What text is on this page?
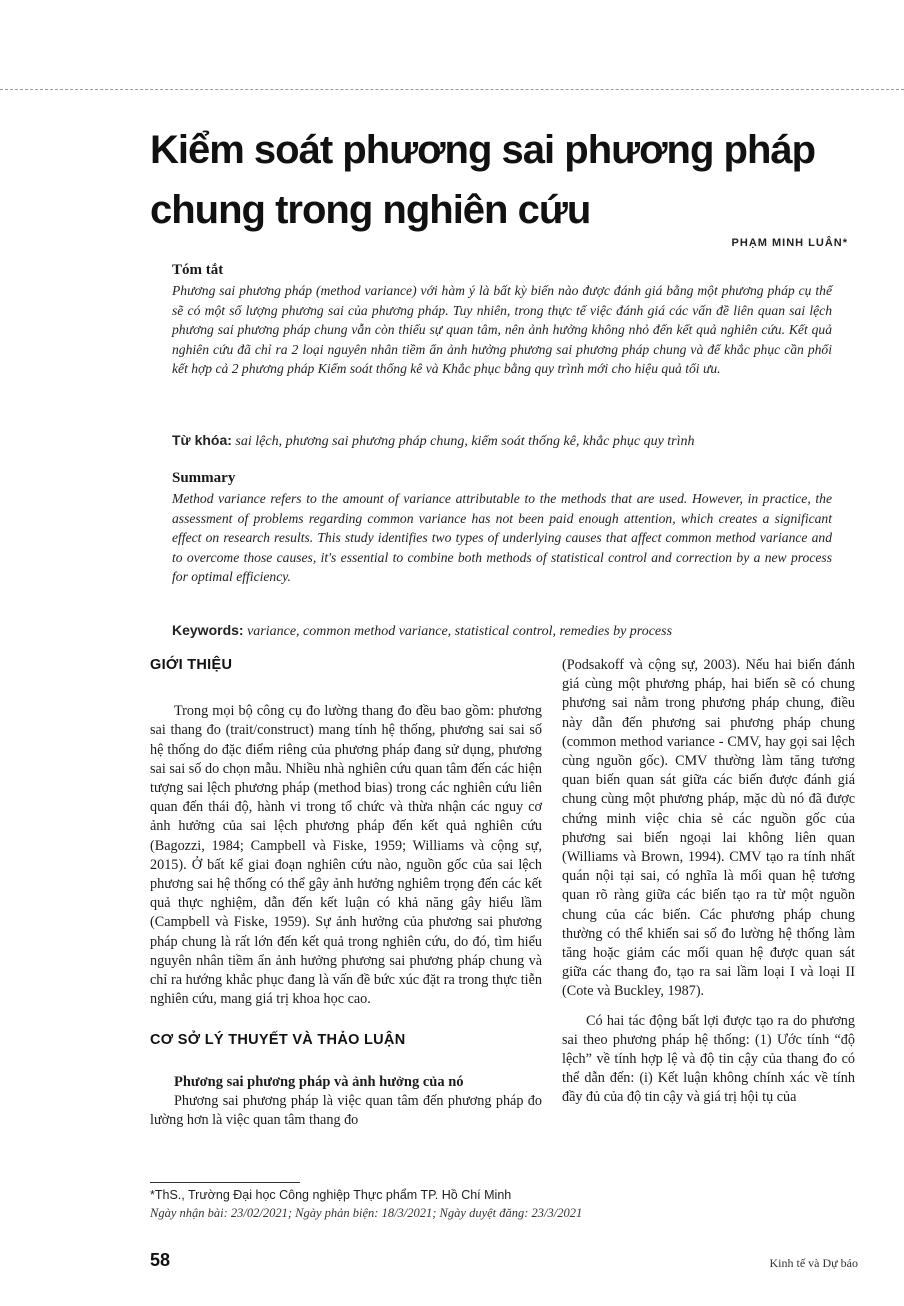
Kiểm soát phương sai phương pháp chung trong nghiên cứu
PHẠM MINH LUÂN*
Tóm tắt

Phương sai phương pháp (method variance) với hàm ý là bất kỳ biến nào được đánh giá bằng một phương pháp cụ thể sẽ có một số lượng phương sai của phương pháp. Tuy nhiên, trong thực tế việc đánh giá các vấn đề liên quan sai lệch phương sai phương pháp chung vẫn còn thiếu sự quan tâm, nên ảnh hưởng không nhỏ đến kết quả nghiên cứu. Kết quả nghiên cứu đã chỉ ra 2 loại nguyên nhân tiềm ẩn ảnh hưởng phương sai phương pháp chung và để khắc phục cần phối kết hợp cả 2 phương pháp Kiểm soát thống kê và Khắc phục bằng quy trình mới cho hiệu quả tối ưu.

Từ khóa: sai lệch, phương sai phương pháp chung, kiểm soát thống kê, khắc phục quy trình
Summary

Method variance refers to the amount of variance attributable to the methods that are used. However, in practice, the assessment of problems regarding common variance has not been paid enough attention, which creates a significant effect on research results. This study identifies two types of underlying causes that affect common method variance and to overcome those causes, it's essential to combine both methods of statistical control and correction by a new process for optimal efficiency.

Keywords: variance, common method variance, statistical control, remedies by process
GIỚI THIỆU

Trong mọi bộ công cụ đo lường thang đo đều bao gồm: phương sai thang đo (trait/construct) mang tính hệ thống, phương sai sai số hệ thống do đặc điểm riêng của phương pháp đang sử dụng, phương sai sai số do chọn mẫu. Nhiều nhà nghiên cứu quan tâm đến các hiện tượng sai lệch phương pháp (method bias) trong các nghiên cứu liên quan đến thái độ, hành vi trong tổ chức và thừa nhận các nguy cơ ảnh hưởng của sai lệch phương pháp đến kết quả nghiên cứu (Bagozzi, 1984; Campbell và Fiske, 1959; Williams và cộng sự, 2015). Ở bất kể giai đoạn nghiên cứu nào, nguồn gốc của sai lệch phương sai hệ thống có thể gây ảnh hưởng nghiêm trọng đến các kết quả thực nghiệm, dẫn đến kết luận có khả năng gây hiểu lầm (Campbell và Fiske, 1959). Sự ảnh hưởng của phương sai phương pháp chung là rất lớn đến kết quả trong nghiên cứu, do đó, tìm hiểu nguyên nhân tiềm ẩn ảnh hưởng phương sai phương pháp chung và chỉ ra hướng khắc phục đang là vấn đề bức xúc đặt ra trong thực tiễn nghiên cứu, mang giá trị khoa học cao.

CƠ SỞ LÝ THUYẾT VÀ THẢO LUẬN
Phương sai phương pháp và ảnh hưởng của nó

Phương sai phương pháp là việc quan tâm đến phương pháp đo lường hơn là việc quan tâm thang đo

(Podsakoff và cộng sự, 2003). Nếu hai biến đánh giá cùng một phương pháp, hai biến sẽ có chung phương sai nằm trong phương pháp chung, điều này dẫn đến phương sai phương pháp chung (common method variance - CMV, hay gọi sai lệch cùng nguồn gốc). CMV thường làm tăng tương quan biến quan sát giữa các biến được đánh giá chung cùng một phương pháp, mặc dù nó đã được chứng minh việc chia sẻ các nguồn gốc của phương sai biến ngoại lai không liên quan (Williams và Brown, 1994). CMV tạo ra tính nhất quán nội tại sai, có nghĩa là mối quan hệ tương quan rõ ràng giữa các biến tạo ra từ một nguồn chung của các biến. Các phương pháp chung thường có thể khiến sai số đo lường hệ thống làm tăng hoặc giảm các mối quan hệ được quan sát giữa các thang đo, tạo ra sai lầm loại I và loại II (Cote và Buckley, 1987).

Có hai tác động bất lợi được tạo ra do phương sai theo phương pháp hệ thống: (1) Ước tính “độ lệch” về tính hợp lệ và độ tin cậy của thang đo có thể dẫn đến: (i) Kết luận không chính xác về tính đầy đủ của độ tin cậy và giá trị hội tụ của

*ThS., Trường Đại học Công nghiệp Thực phẩm TP. Hồ Chí Minh
Ngày nhận bài: 23/02/2021; Ngày phản biện: 18/3/2021; Ngày duyệt đăng: 23/3/2021
58	Kinh tế và Dự báo
